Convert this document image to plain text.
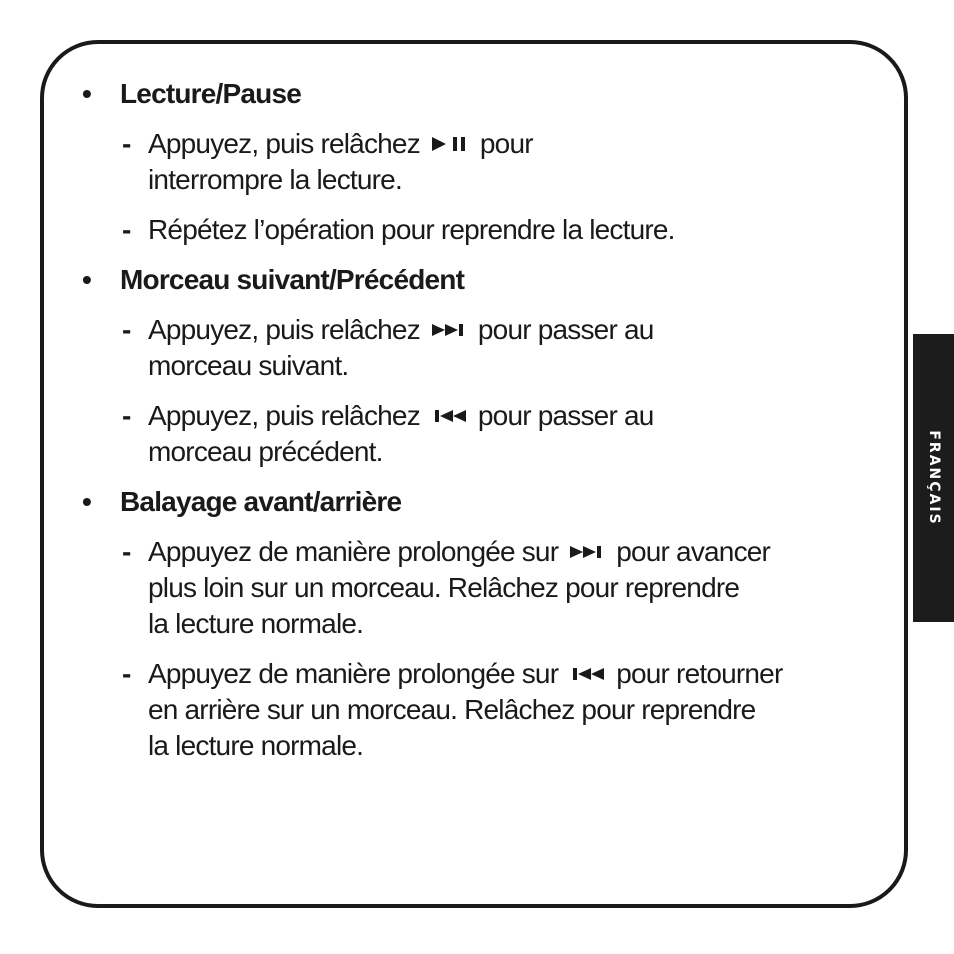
FRANÇAIS
•	Lecture/Pause
- Appuyez, puis relâchez pour
interrompre la lecture.
- Répétez l’opération pour reprendre la lecture.
•	Morceau suivant/Précédent
- Appuyez, puis relâchez pour passer au
morceau suivant.
- Appuyez, puis relâchez pour passer au
morceau précédent.
•	Balayage avant/arrière
- Appuyez de manière prolongée sur pour avancer
plus loin sur un morceau. Relâchez pour reprendre
la lecture normale.
- Appuyez de manière prolongée sur pour retourner
en arrière sur un morceau. Relâchez pour reprendre
la lecture normale.
